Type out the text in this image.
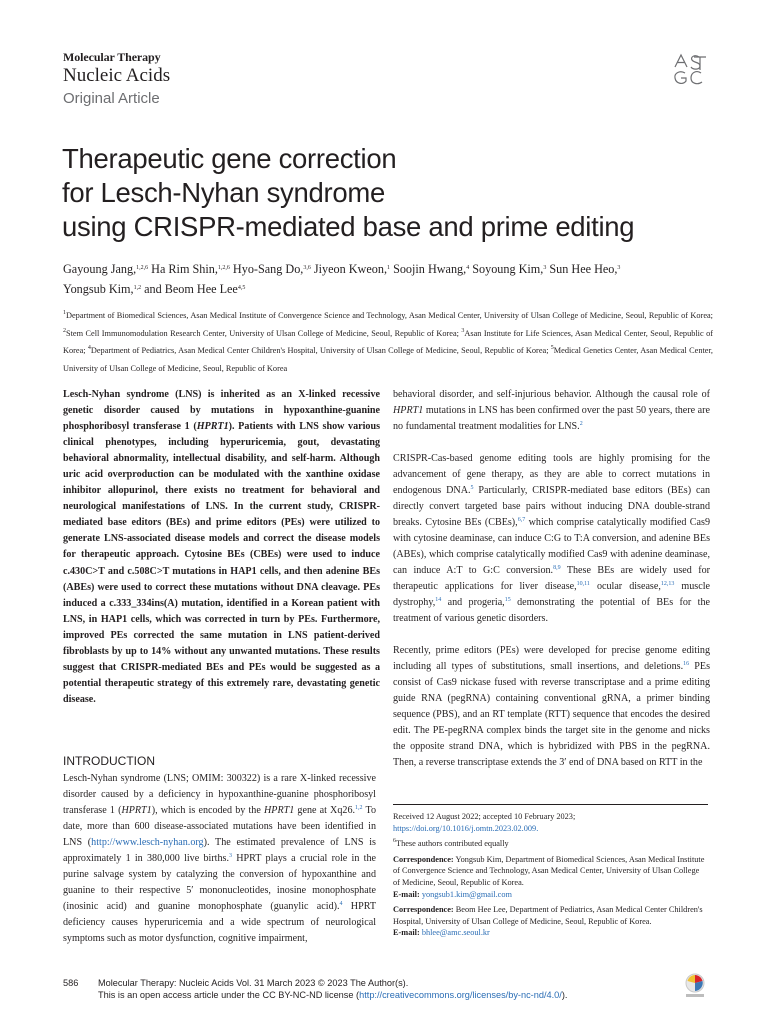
Molecular Therapy
Nucleic Acids
Original Article
ASGCT
Therapeutic gene correction
for Lesch-Nyhan syndrome
using CRISPR-mediated base and prime editing
Gayoung Jang,$^{1,2,6}$ Ha Rim Shin,$^{1,2,6}$ Hyo-Sang Do,$^{3,6}$ Jiyeon Kweon,$^1$ Soojin Hwang,$^4$ Soyoung Kim,$^3$ Sun Hee Heo,$^3$
Yongsub Kim,$^{1,2}$ and Beom Hee Lee$^{4,5}$
$^1$Department of Biomedical Sciences, Asan Medical Institute of Convergence Science and Technology, Asan Medical Center, University of Ulsan College of Medicine, Seoul, Republic of Korea; $^2$Stem Cell Immunomodulation Research Center, University of Ulsan College of Medicine, Seoul, Republic of Korea; $^3$Asan Institute for Life Sciences, Asan Medical Center, Seoul, Republic of Korea; $^4$Department of Pediatrics, Asan Medical Center Children's Hospital, University of Ulsan College of Medicine, Seoul, Republic of Korea; $^5$Medical Genetics Center, Asan Medical Center, University of Ulsan College of Medicine, Seoul, Republic of Korea

Lesch-Nyhan syndrome (LNS) is inherited as an X-linked recessive genetic disorder caused by mutations in hypoxanthine-guanine phosphoribosyl transferase 1 (HPRT1). Patients with LNS show various clinical phenotypes, including hyperuricemia, gout, devastating behavioral abnormality, intellectual disability, and self-harm. Although uric acid overproduction can be modulated with the xanthine oxidase inhibitor allopurinol, there exists no treatment for behavioral and neurological manifestations of LNS. In the current study, CRISPR-mediated base editors (BEs) and prime editors (PEs) were utilized to generate LNS-associated disease models and correct the disease models for therapeutic approach. Cytosine BEs (CBEs) were used to induce c.430C>T and c.508C>T mutations in HAP1 cells, and then adenine BEs (ABEs) were used to correct these mutations without DNA cleavage. PEs induced a c.333_334ins(A) mutation, identified in a Korean patient with LNS, in HAP1 cells, which was corrected in turn by PEs. Furthermore, improved PEs corrected the same mutation in LNS patient-derived fibroblasts by up to 14% without any unwanted mutations. These results suggest that CRISPR-mediated BEs and PEs would be suggested as a potential therapeutic strategy of this extremely rare, devastating genetic disease.

INTRODUCTION

Lesch-Nyhan syndrome (LNS; OMIM: 300322) is a rare X-linked recessive disorder caused by a deficiency in hypoxanthine-guanine phosphoribosyl transferase 1 (HPRT1), which is encoded by the HPRT1 gene at Xq26.$^{1,2}$ To date, more than 600 disease-associated mutations have been identified in LNS (http://www.lesch-nyhan.org). The estimated prevalence of LNS is approximately 1 in 380,000 live births.$^3$ HPRT plays a crucial role in the purine salvage system by catalyzing the conversion of hypoxanthine and guanine to their respective 5′ mononucleotides, inosine monophosphate (inosinic acid) and guanine monophosphate (guanylic acid).$^4$ HPRT deficiency causes hyperuricemia and a wide spectrum of neurological symptoms such as motor dysfunction, cognitive impairment,

behavioral disorder, and self-injurious behavior. Although the causal role of HPRT1 mutations in LNS has been confirmed over the past 50 years, there are no fundamental treatment modalities for LNS.$^2$

CRISPR-Cas-based genome editing tools are highly promising for the advancement of gene therapy, as they are able to correct mutations in endogenous DNA.$^5$ Particularly, CRISPR-mediated base editors (BEs) can directly convert targeted base pairs without inducing DNA double-strand breaks. Cytosine BEs (CBEs),$^{6,7}$ which comprise catalytically modified Cas9 with cytosine deaminase, can induce C:G to T:A conversion, and adenine BEs (ABEs), which comprise catalytically modified Cas9 with adenine deaminase, can induce A:T to G:C conversion.$^{8,9}$ These BEs are widely used for therapeutic applications for liver disease,$^{10,11}$ ocular disease,$^{12,13}$ muscle dystrophy,$^{14}$ and progeria,$^{15}$ demonstrating the potential of BEs for the treatment of various genetic disorders.

Recently, prime editors (PEs) were developed for precise genome editing including all types of substitutions, small insertions, and deletions.$^{16}$ PEs consist of Cas9 nickase fused with reverse transcriptase and a prime editing guide RNA (pegRNA) containing conventional gRNA, a primer binding sequence (PBS), and an RT template (RTT) sequence that encodes the desired edit. The PE-pegRNA complex binds the target site in the genome and nicks the opposite strand DNA, which is hybridized with PBS in the pegRNA. Then, a reverse transcriptase extends the 3′ end of DNA based on RTT in the

Received 12 August 2022; accepted 10 February 2023;
https://doi.org/10.1016/j.omtn.2023.02.009.

$^6$These authors contributed equally

Correspondence: Yongsub Kim, Department of Biomedical Sciences, Asan Medical Institute of Convergence Science and Technology, Asan Medical Center, University of Ulsan College of Medicine, Seoul, Republic of Korea.
E-mail: yongsub1.kim@gmail.com

Correspondence: Beom Hee Lee, Department of Pediatrics, Asan Medical Center Children's Hospital, University of Ulsan College of Medicine, Seoul, Republic of Korea.
E-mail: bhlee@amc.seoul.kr

586 Molecular Therapy: Nucleic Acids Vol. 31 March 2023 © 2023 The Author(s).
This is an open access article under the CC BY-NC-ND license (http://creativecommons.org/licenses/by-nc-nd/4.0/).
